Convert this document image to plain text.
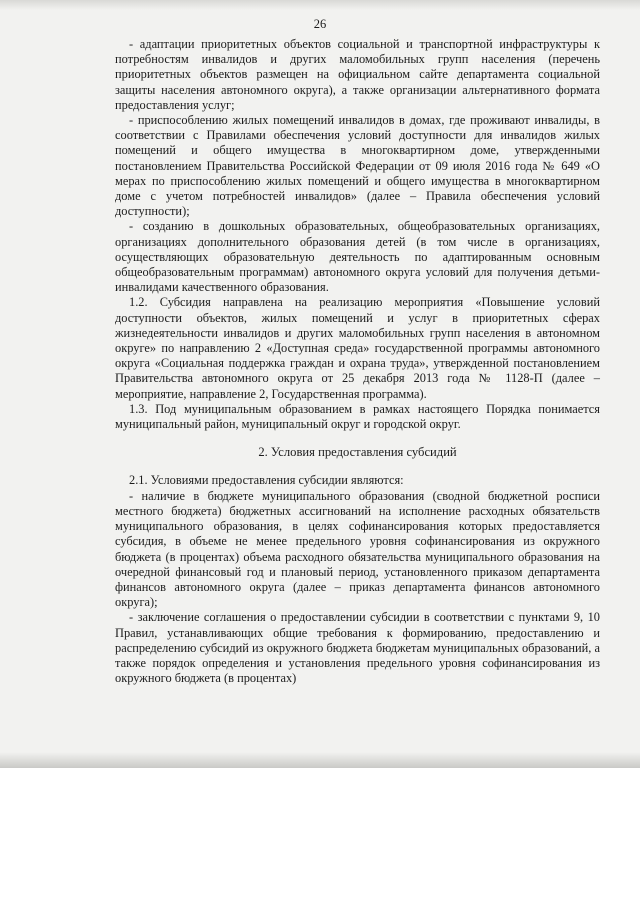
26

- адаптации приоритетных объектов социальной и транспортной инфраструктуры к потребностям инвалидов и других маломобильных групп населения (перечень приоритетных объектов размещен на официальном сайте департамента социальной защиты населения автономного округа), а также организации альтернативного формата предоставления услуг;

- приспособлению жилых помещений инвалидов в домах, где проживают инвалиды, в соответствии с Правилами обеспечения условий доступности для инвалидов жилых помещений и общего имущества в многоквартирном доме, утвержденными постановлением Правительства Российской Федерации от 09 июля 2016 года № 649 «О мерах по приспособлению жилых помещений и общего имущества в многоквартирном доме с учетом потребностей инвалидов» (далее – Правила обеспечения условий доступности);

- созданию в дошкольных образовательных, общеобразовательных организациях, организациях дополнительного образования детей (в том числе в организациях, осуществляющих образовательную деятельность по адаптированным основным общеобразовательным программам) автономного округа условий для получения детьми-инвалидами качественного образования.

1.2. Субсидия направлена на реализацию мероприятия «Повышение условий доступности объектов, жилых помещений и услуг в приоритетных сферах жизнедеятельности инвалидов и других маломобильных групп населения в автономном округе» по направлению 2 «Доступная среда» государственной программы автономного округа «Социальная поддержка граждан и охрана труда», утвержденной постановлением Правительства автономного округа от 25 декабря 2013 года № 1128-П (далее – мероприятие, направление 2, Государственная программа).

1.3. Под муниципальным образованием в рамках настоящего Порядка понимается муниципальный район, муниципальный округ и городской округ.

2. Условия предоставления субсидий

2.1. Условиями предоставления субсидии являются:

- наличие в бюджете муниципального образования (сводной бюджетной росписи местного бюджета) бюджетных ассигнований на исполнение расходных обязательств муниципального образования, в целях софинансирования которых предоставляется субсидия, в объеме не менее предельного уровня софинансирования из окружного бюджета (в процентах) объема расходного обязательства муниципального образования на очередной финансовый год и плановый период, установленного приказом департамента финансов автономного округа (далее – приказ департамента финансов автономного округа);

- заключение соглашения о предоставлении субсидии в соответствии с пунктами 9, 10 Правил, устанавливающих общие требования к формированию, предоставлению и распределению субсидий из окружного бюджета бюджетам муниципальных образований, а также порядок определения и установления предельного уровня софинансирования из окружного бюджета (в процентах)
